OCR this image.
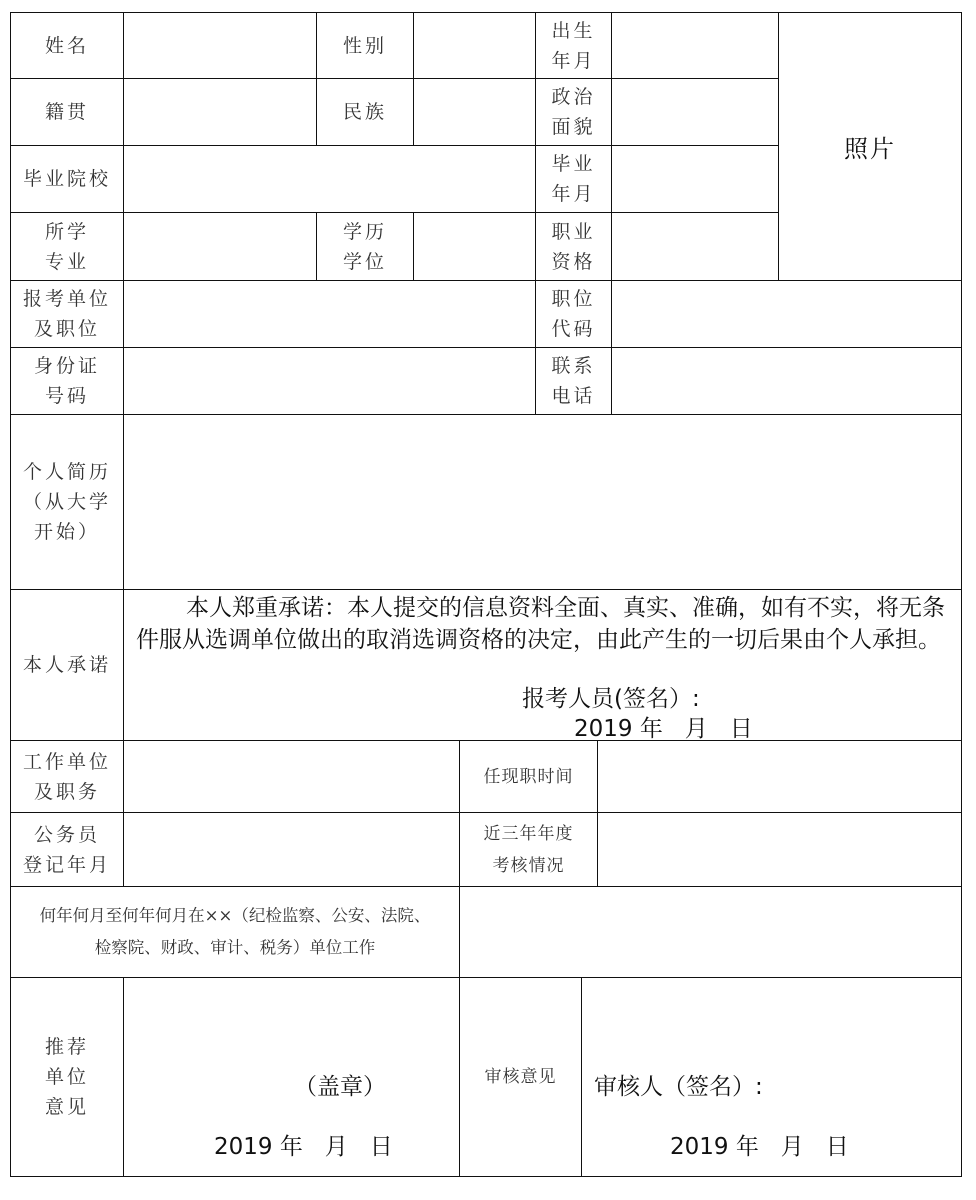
姓名	性别
出生
年月
照片
籍贯	民族
政治
面貌
毕业院校
毕业
年月
所学
专业
学历
学位
职业
资格
报考单位
及职位
职位
代码
身份证
号码
联系
电话
个人简历
（从大学
开始）
本人承诺
本人郑重承诺：本人提交的信息资料全面、真实、准确，如有不实，将无条件服从选调单位做出的取消选调资格的决定，由此产生的一切后果由个人承担。
报考人员(签名）:
2019 年   月   日
工作单位
及职务
任现职时间
公务员
登记年月
近三年年度
考核情况
何年何月至何年何月在××（纪检监察、公安、法院、
检察院、财政、审计、税务）单位工作
推荐
单位
意见
（盖章）
2019 年   月   日
审核意见 审核人（签名）:
2019 年   月   日
